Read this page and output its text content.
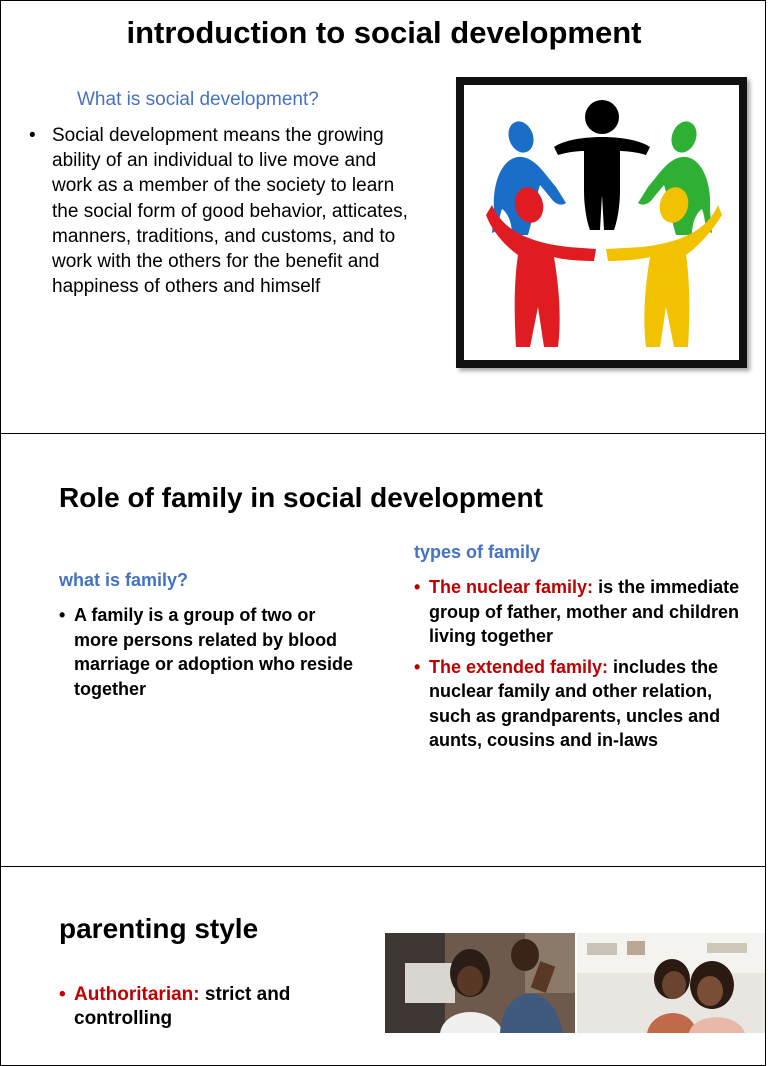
introduction to social development
What is social development?
• Social development means the growing ability of an individual to live move and work as a member of the society to learn the social form of good behavior, atticates, manners, traditions, and customs, and to work with the others for the benefit and happiness of others and himself
Role of family in social development
what is family?
• A family is a group of two or more persons related by blood marriage or adoption who reside together
types of family
• The nuclear family: is the immediate group of father, mother and children living together
• The extended family: includes the nuclear family and other relation, such as grandparents, uncles and aunts, cousins and in-laws
parenting style
• Authoritarian: strict and controlling
